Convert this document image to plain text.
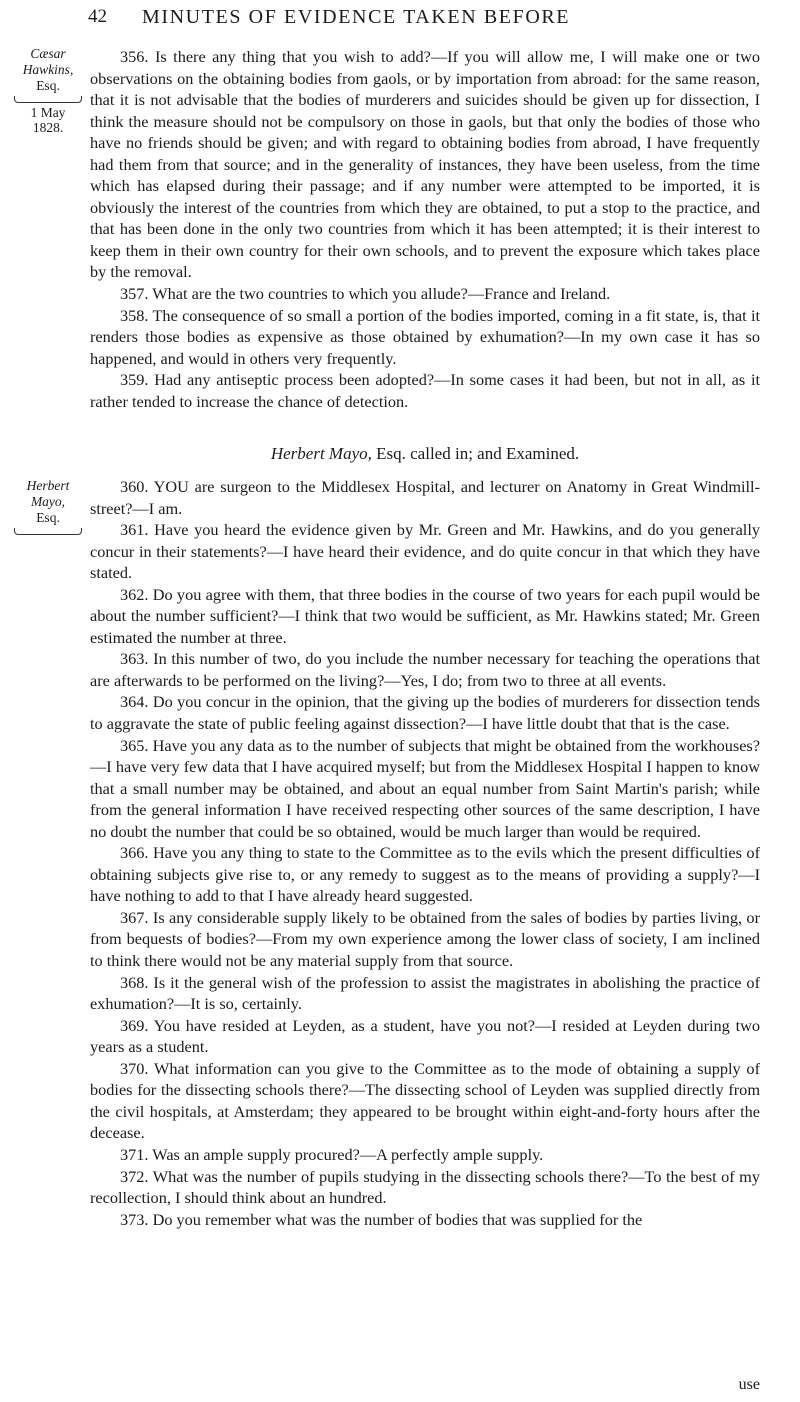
42 MINUTES OF EVIDENCE TAKEN BEFORE
Cæsar Hawkins,
Esq.
1 May
1828.

356. Is there any thing that you wish to add?—If you will allow me, I will make one or two observations on the obtaining bodies from gaols, or by importation from abroad: for the same reason, that it is not advisable that the bodies of murderers and suicides should be given up for dissection, I think the measure should not be compulsory on those in gaols, but that only the bodies of those who have no friends should be given; and with regard to obtaining bodies from abroad, I have frequently had them from that source; and in the generality of instances, they have been useless, from the time which has elapsed during their passage; and if any number were attempted to be imported, it is obviously the interest of the countries from which they are obtained, to put a stop to the practice, and that has been done in the only two countries from which it has been attempted; it is their interest to keep them in their own country for their own schools, and to prevent the exposure which takes place by the removal.

357. What are the two countries to which you allude?—France and Ireland.

358. The consequence of so small a portion of the bodies imported, coming in a fit state, is, that it renders those bodies as expensive as those obtained by exhumation?—In my own case it has so happened, and would in others very frequently.

359. Had any antiseptic process been adopted?—In some cases it had been, but not in all, as it rather tended to increase the chance of detection.

Herbert Mayo, Esq. called in; and Examined.
Herbert Mayo,
Esq.

360. YOU are surgeon to the Middlesex Hospital, and lecturer on Anatomy in Great Windmill-street?—I am.

361. Have you heard the evidence given by Mr. Green and Mr. Hawkins, and do you generally concur in their statements?—I have heard their evidence, and do quite concur in that which they have stated.

362. Do you agree with them, that three bodies in the course of two years for each pupil would be about the number sufficient?—I think that two would be sufficient, as Mr. Hawkins stated; Mr. Green estimated the number at three.

363. In this number of two, do you include the number necessary for teaching the operations that are afterwards to be performed on the living?—Yes, I do; from two to three at all events.

364. Do you concur in the opinion, that the giving up the bodies of murderers for dissection tends to aggravate the state of public feeling against dissection?—I have little doubt that that is the case.

365. Have you any data as to the number of subjects that might be obtained from the workhouses?—I have very few data that I have acquired myself; but from the Middlesex Hospital I happen to know that a small number may be obtained, and about an equal number from Saint Martin's parish; while from the general information I have received respecting other sources of the same description, I have no doubt the number that could be so obtained, would be much larger than would be required.

366. Have you any thing to state to the Committee as to the evils which the present difficulties of obtaining subjects give rise to, or any remedy to suggest as to the means of providing a supply?—I have nothing to add to that I have already heard suggested.

367. Is any considerable supply likely to be obtained from the sales of bodies by parties living, or from bequests of bodies?—From my own experience among the lower class of society, I am inclined to think there would not be any material supply from that source.

368. Is it the general wish of the profession to assist the magistrates in abolishing the practice of exhumation?—It is so, certainly.

369. You have resided at Leyden, as a student, have you not?—I resided at Leyden during two years as a student.

370. What information can you give to the Committee as to the mode of obtaining a supply of bodies for the dissecting schools there?—The dissecting school of Leyden was supplied directly from the civil hospitals, at Amsterdam; they appeared to be brought within eight-and-forty hours after the decease.

371. Was an ample supply procured?—A perfectly ample supply.

372. What was the number of pupils studying in the dissecting schools there?—To the best of my recollection, I should think about an hundred.

373. Do you remember what was the number of bodies that was supplied for the

use
